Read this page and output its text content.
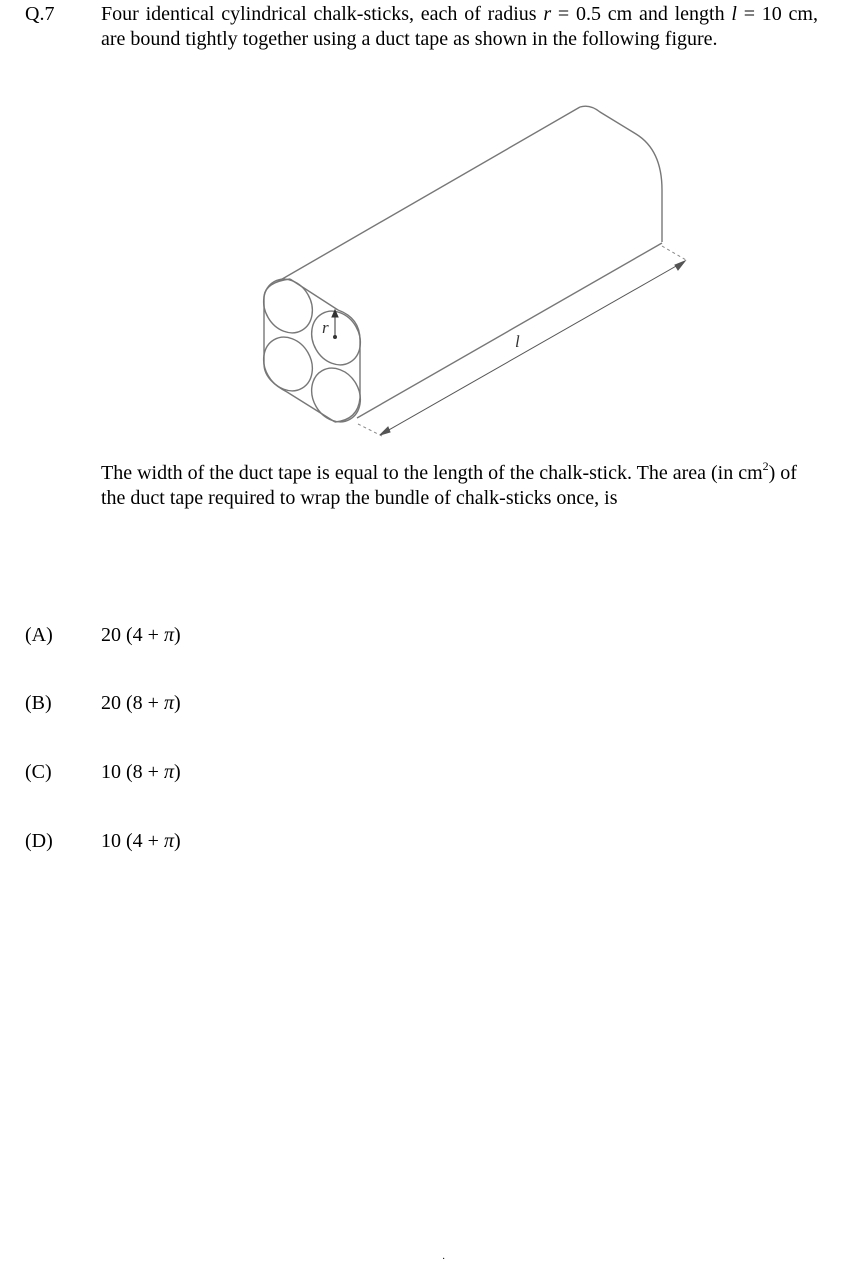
Q.7 Four identical cylindrical chalk-sticks, each of radius r = 0.5 cm and length l = 10 cm, are bound tightly together using a duct tape as shown in the following figure.
r
l
The width of the duct tape is equal to the length of the chalk-stick. The area (in $cm^2$) of the duct tape required to wrap the bundle of chalk-sticks once, is
(A) 20 (4 + π)
(B) 20 (8 + π)
(C) 10 (8 + π)
(D) 10 (4 + π)
·
